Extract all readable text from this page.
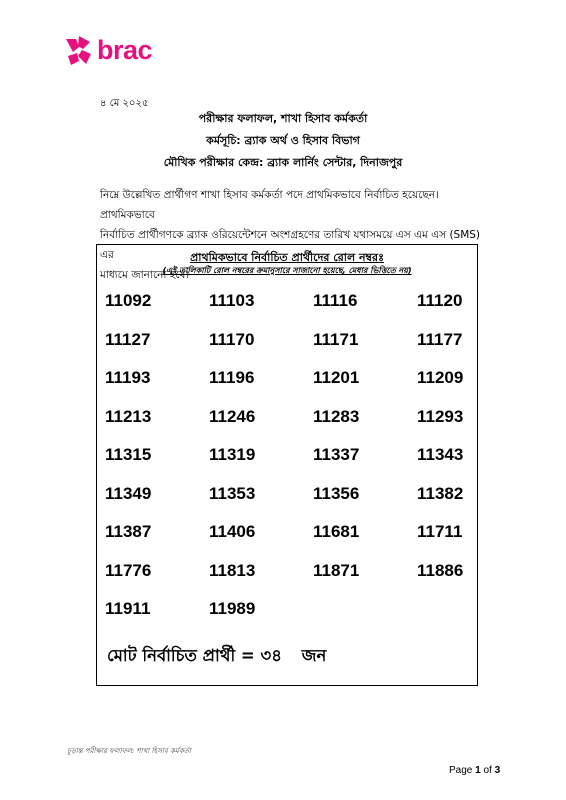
brac
৪ মে ২০২৫
পরীক্ষার ফলাফল, শাখা হিসাব কর্মকর্তা
কর্মসূচি: ব্র্যাক অর্থ ও হিসাব বিভাগ
মৌখিক পরীক্ষার কেন্দ্র: ব্র্যাক লার্নিং সেন্টার, দিনাজপুর
নিম্নে উল্লেখিত প্রার্থীগণ শাখা হিসাব কর্মকর্তা পদে প্রাথমিকভাবে নির্বাচিত হয়েছেন। প্রাথমিকভাবে
নির্বাচিত প্রার্থীগণকে ব্র্যাক ওরিয়েন্টেশনে অংশগ্রহণের তারিখ যথাসময়ে এস এম এস (SMS) এর
মাধ্যমে জানানো হবে।
প্রাথমিকভাবে নির্বাচিত প্রার্থীদের রোল নম্বরঃ
(এই তালিকাটি রোল নম্বরের ক্রমানুসারে সাজানো হয়েছে, মেধার ভিত্তিতে নয়)
11092	11103	11116	11120
11127	11170	11171	11177
11193	11196	11201	11209
11213	11246	11283	11293
11315	11319	11337	11343
11349	11353	11356	11382
11387	11406	11681	11711
11776	11813	11871	11886
11911	11989
মোট নির্বাচিত প্রার্থী = ৩৪ জন
চূড়ান্ত পরীক্ষার ফলাফল: শাখা হিসাব কর্মকর্তা
Page 1 of 3
